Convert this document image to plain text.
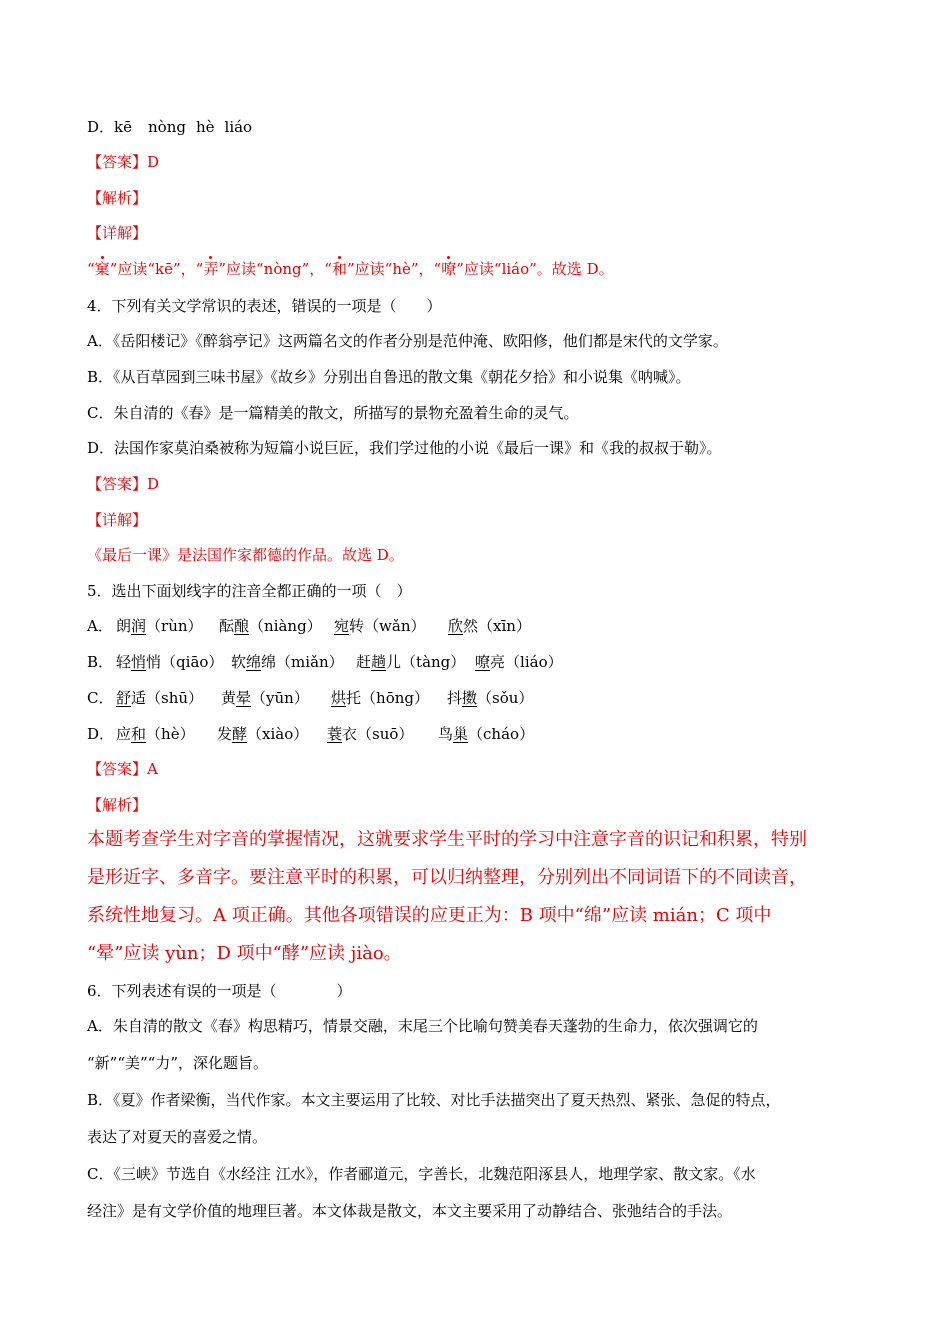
D．kē nòng hè liáo
【答案】D
【解析】
【详解】
“窠”应读“kē”，“弄”应读“nòng”，“和”应读“hè”，“嘹”应读“liáo”。故选 D。
4．下列有关文学常识的表述，错误的一项是（　　）
A．《岳阳楼记》《醉翁亭记》这两篇名文的作者分别是范仲淹、欧阳修，他们都是宋代的文学家。
B．《从百草园到三味书屋》《故乡》分别出自鲁迅的散文集《朝花夕拾》和小说集《呐喊》。
C．朱自清的《春》是一篇精美的散文，所描写的景物充盈着生命的灵气。
D．法国作家莫泊桑被称为短篇小说巨匠，我们学过他的小说《最后一课》和《我的叔叔于勒》。
【答案】D
【详解】
《最后一课》是法国作家都德的作品。故选 D。
5．选出下面划线字的注音全都正确的一项（　）
A． 朗润（rùn） 酝酿（niàng） 宛转（wǎn） 欣然（xīn）
B． 轻悄悄（qiāo） 软绵绵（miǎn） 赶趟儿（tàng） 嘹亮（liáo）
C． 舒适（shū） 黄晕（yūn） 烘托（hōng） 抖擞（sǒu）
D． 应和（hè） 发酵（xiào） 蓑衣（suō） 鸟巢（cháo）
【答案】A
【解析】
本题考查学生对字音的掌握情况，这就要求学生平时的学习中注意字音的识记和积累，特别
是形近字、多音字。要注意平时的积累，可以归纳整理，分别列出不同词语下的不同读音，
系统性地复习。A 项正确。其他各项错误的应更正为：B 项中“绵”应读 mián；C 项中
“晕”应读 yùn；D 项中“酵”应读 jiào。
6．下列表述有误的一项是（　　　　）
A．朱自清的散文《春》构思精巧，情景交融，末尾三个比喻句赞美春天蓬勃的生命力，依次强调它的
“新”“美”“力”，深化题旨。
B．《夏》作者梁衡，当代作家。本文主要运用了比较、对比手法描突出了夏天热烈、紧张、急促的特点，
表达了对夏天的喜爱之情。
C．《三峡》节选自《水经注 江水》，作者郦道元，字善长，北魏范阳涿县人，地理学家、散文家。《水
经注》是有文学价值的地理巨著。本文体裁是散文，本文主要采用了动静结合、张弛结合的手法。
